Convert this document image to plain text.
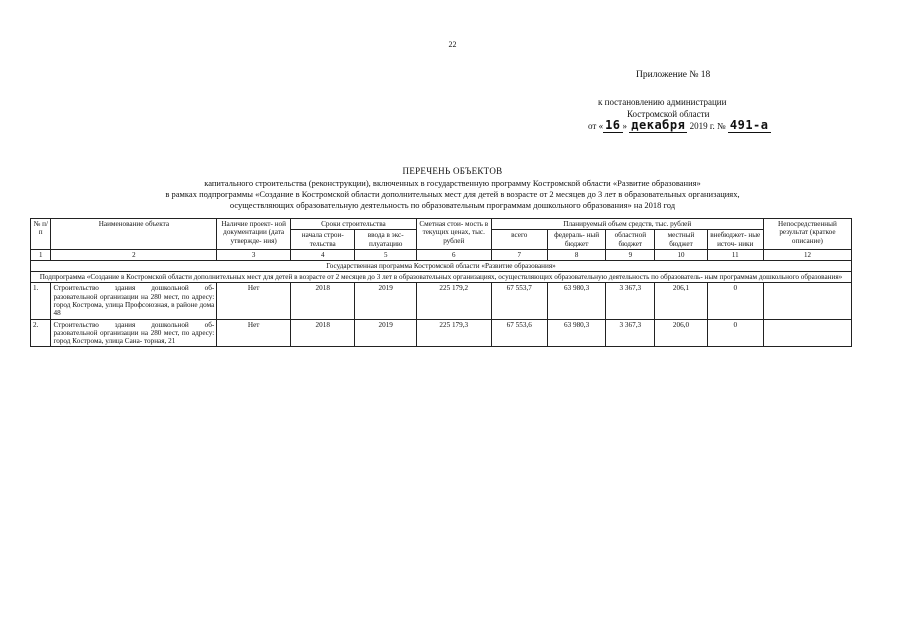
22
Приложение № 18
к постановлению администрации
Костромской области
от « 16 » декабря 2019 г. № 491-а
ПЕРЕЧЕНЬ ОБЪЕКТОВ
капитального строительства (реконструкции), включенных в государственную программу Костромской области «Развитие образования»
в рамках подпрограммы «Создание в Костромской области дополнительных мест для детей в возрасте от 2 месяцев до 3 лет в образовательных организациях,
осуществляющих образовательную деятельность по образовательным программам дошкольного образования» на 2018 год
№ п/п	Наименование объекта	Наличие проект- ной документации (дата утвержде- ния)	Сроки строительства		Сметная стои- мость в текущих ценах, тыс. рублей	Планируемый объем средств, тыс. рублей					Непосредственный результат (краткое описание)
			начала строи- тельства	ввода в экс- плуатацию		всего	федераль- ный бюджет	областной бюджет	местный бюджет	внебюджет- ные источ- ники	
1	2	3	4	5	6	7	8	9	10	11	12
Государственная программа Костромской области «Развитие образования»											
Подпрограмма «Создание в Костромской области дополнительных мест для детей в возрасте от 2 месяцев до 3 лет в образовательных организациях, осуществляющих образовательную деятельность по образователь- ным программам дошкольного образования»											
1.	Строительство здания дошкольной об- разовательной организации на 280 мест, по адресу: город Кострома, улица Профсоюзная, в районе дома 48	Нет	2018	2019	225 179,2	67 553,7	63 980,3	3 367,3	206,1	0	
2.	Строительство здания дошкольной об- разовательной организации на 280 мест, по адресу: город Кострома, улица Сана- торная, 21	Нет	2018	2019	225 179,3	67 553,6	63 980,3	3 367,3	206,0	0	
